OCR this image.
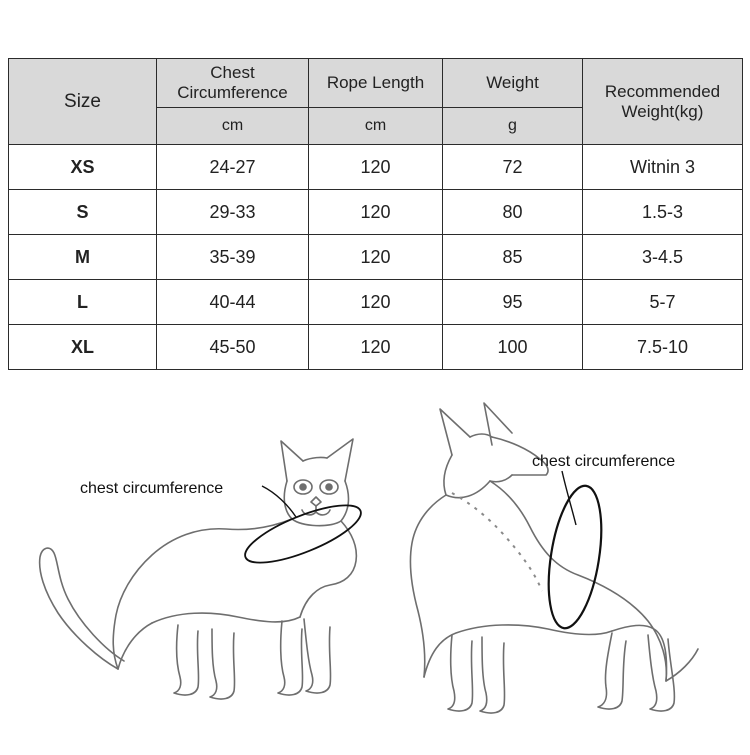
Size	Chest Circumference	Rope Length	Weight	Recommended Weight(kg)
	cm	cm	g	
XS	24-27	120	72	Witnin 3
S	29-33	120	80	1.5-3
M	35-39	120	85	3-4.5
L	40-44	120	95	5-7
XL	45-50	120	100	7.5-10
chest circumference
chest circumference
